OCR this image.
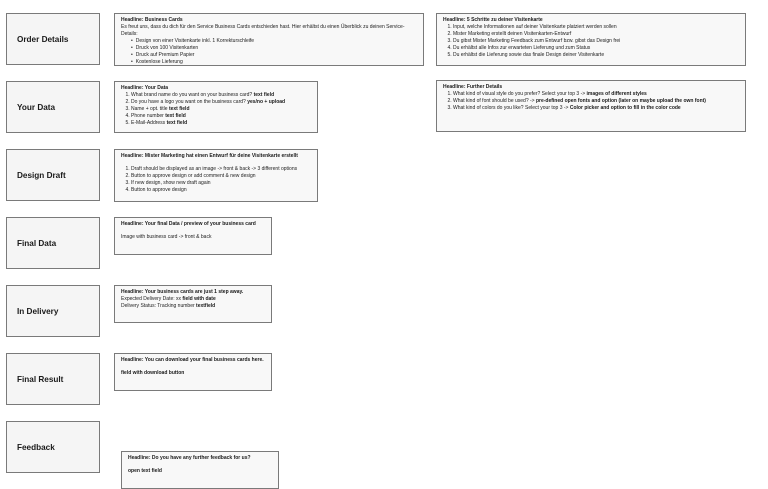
Order Details
Your Data
Design Draft
Final Data
In Delivery
Final Result
Feedback
Headline: Business Cards

Es freut uns, dass du dich für den Service Business Cards entschieden hast. Hier erhältst du einen Überblick zu deinen Service-Details:

• Design von einer Visitenkarte inkl. 1 Korrekturschleife
• Druck von 100 Visitenkarten
• Druck auf Premium Papier
• Kostenlose Lieferung
Headline: 5 Schritte zu deiner Visitenkarte
1. Input, welche Informationen auf deiner Visitenkarte platziert werden sollen
2. Mister Marketing erstellt deinen Visitenkarten-Entwurf
3. Du gibst Mister Marketing Feedback zum Entwurf bzw. gibst das Design frei
4. Du erhältst alle Infos zur erwarteten Lieferung und zum Status
5. Du erhältst die Lieferung sowie das finale Design deiner Visitenkarte
Headline: Your Data
1. What brand name do you want on your business card? text field
2. Do you have a logo you want on the business card? yes/no + upload
3. Name + opt. title text field
4. Phone number text field
5. E-Mail-Address text field
Headline: Further Details
1. What kind of visual style do you prefer? Select your top 3 -> images of different styles
2. What kind of font should be used? -> pre-defined open fonts and option (later on maybe upload the own font)
3. What kind of colors do you like? Select your top 3 -> Color picker and option to fill in the color code
Headline: Mister Marketing hat einen Entwurf für deine Visitenkarte erstellt
1. Draft should be displayed as an image -> front & back -> 3 different options
2. Button to approve design or add comment & new design
3. If new design, show new draft again
4. Button to approve design
Headline: Your final Data / preview of your business card

Image with business card -> front & back

Headline: Your business cards are just 1 step away.

Expected Delivery Date: xx field with date

Delivery Status: Tracking number textfield

Headline: You can download your final business cards here.

field with download button

Headline: Do you have any further feedback for us?

open text field
